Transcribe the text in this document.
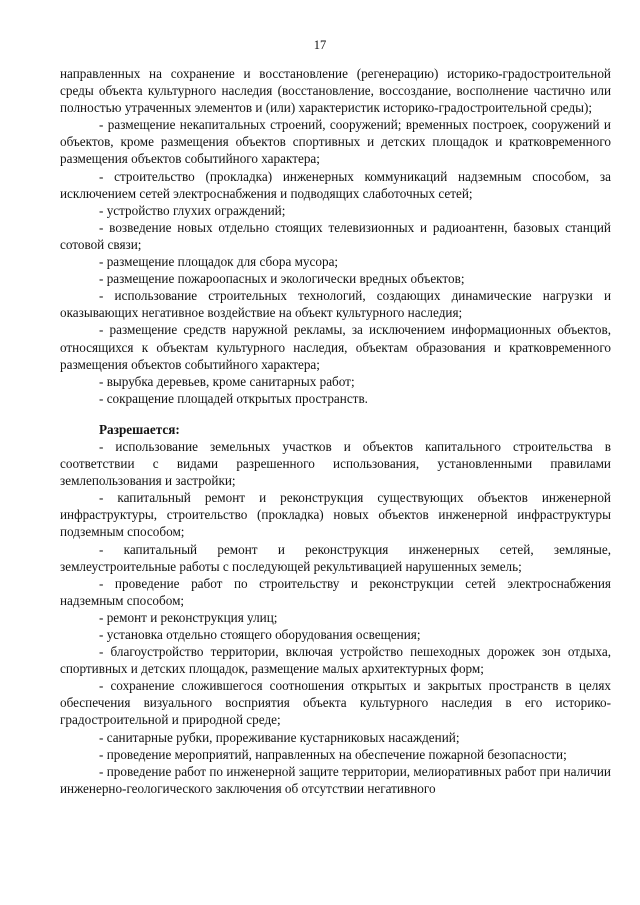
17

направленных на сохранение и восстановление (регенерацию) историко-градостроительной среды объекта культурного наследия (восстановление, воссоздание, восполнение частично или полностью утраченных элементов и (или) характеристик историко-градостроительной среды);

- размещение некапитальных строений, сооружений; временных построек, сооружений и объектов, кроме размещения объектов спортивных и детских площадок и кратковременного размещения объектов событийного характера;

- строительство (прокладка) инженерных коммуникаций надземным способом, за исключением сетей электроснабжения и подводящих слаботочных сетей;

- устройство глухих ограждений;

- возведение новых отдельно стоящих телевизионных и радиоантенн, базовых станций сотовой связи;

- размещение площадок для сбора мусора;

- размещение пожароопасных и экологически вредных объектов;

- использование строительных технологий, создающих динамические нагрузки и оказывающих негативное воздействие на объект культурного наследия;

- размещение средств наружной рекламы, за исключением информационных объектов, относящихся к объектам культурного наследия, объектам образования и кратковременного размещения объектов событийного характера;

- вырубка деревьев, кроме санитарных работ;

- сокращение площадей открытых пространств.

Разрешается:

- использование земельных участков и объектов капитального строительства в соответствии с видами разрешенного использования, установленными правилами землепользования и застройки;

- капитальный ремонт и реконструкция существующих объектов инженерной инфраструктуры, строительство (прокладка) новых объектов инженерной инфраструктуры подземным способом;

- капитальный ремонт и реконструкция инженерных сетей, земляные, землеустроительные работы с последующей рекультивацией нарушенных земель;

- проведение работ по строительству и реконструкции сетей электроснабжения надземным способом;

- ремонт и реконструкция улиц;

- установка отдельно стоящего оборудования освещения;

- благоустройство территории, включая устройство пешеходных дорожек зон отдыха, спортивных и детских площадок, размещение малых архитектурных форм;

- сохранение сложившегося соотношения открытых и закрытых пространств в целях обеспечения визуального восприятия объекта культурного наследия в его историко-градостроительной и природной среде;

- санитарные рубки, прореживание кустарниковых насаждений;

- проведение мероприятий, направленных на обеспечение пожарной безопасности;

- проведение работ по инженерной защите территории, мелиоративных работ при наличии инженерно-геологического заключения об отсутствии негативного
